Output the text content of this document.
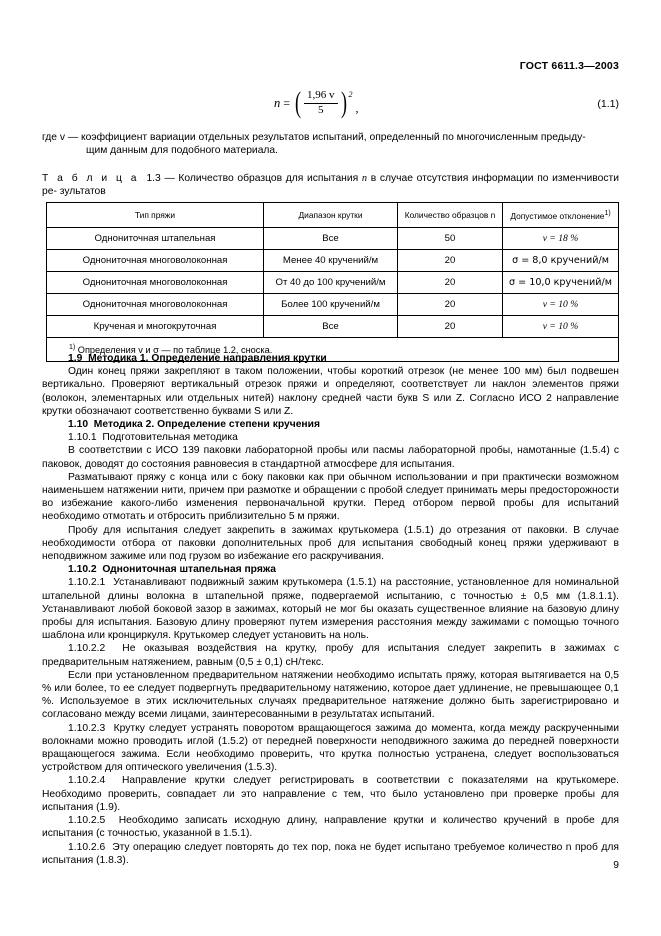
ГОСТ 6611.3—2003
n = ( $\frac{1,96 v}{5}$ ) 2
,	(1.1)
где v — коэффициент вариации отдельных результатов испытаний, определенный по многочисленным предыду-
щим данным для подобного материала.
Т а б л и ц а 1.3 — Количество образцов для испытания n в случае отсутствия информации по изменчивости ре- зультатов
Тип пряжи	Диапазон крутки	Количество образцов n	Допустимое отклонение$^{1)}$
Однониточная штапельная	Все	50	v = 18 %
Однониточная многоволоконная	Менее 40 кручений/м	20	σ = 8,0 кручений/м
Однониточная многоволоконная	От 40 до 100 кручений/м	20	σ = 10,0 кручений/м
Однониточная многоволоконная	Более 100 кручений/м	20	v = 10 %
Крученая и многокруточная	Все	20	v = 10 %
$^{1)}$ Определения v и σ — по таблице 1.2, сноска.			
1.9 Методика 1. Определение направления крутки

Один конец пряжи закрепляют в таком положении, чтобы короткий отрезок (не менее 100 мм) был подвешен вертикально. Проверяют вертикальный отрезок пряжи и определяют, соответствует ли наклон элементов пряжи (волокон, элементарных или отдельных нитей) наклону средней части букв S или Z. Согласно ИСО 2 направление крутки обозначают соответственно буквами S или Z.

1.10 Методика 2. Определение степени кручения
1.10.1 Подготовительная методика

В соответствии с ИСО 139 паковки лабораторной пробы или пасмы лабораторной пробы, намотанные (1.5.4) с паковок, доводят до состояния равновесия в стандартной атмосфере для испытания.

Разматывают пряжу с конца или с боку паковки как при обычном использовании и при практически возможном наименьшем натяжении нити, причем при размотке и обращении с пробой следует принимать меры предосторожности во избежание какого-либо изменения первоначальной крутки. Перед отбором первой пробы для испытаний необходимо отмотать и отбросить приблизительно 5 м пряжи.

Пробу для испытания следует закрепить в зажимах крутькомера (1.5.1) до отрезания от паковки. В случае необходимости отбора от паковки дополнительных проб для испытания свободный конец пряжи удерживают в неподвижном зажиме или под грузом во избежание его раскручивания.

1.10.2 Однониточная штапельная пряжа

1.10.2.1 Устанавливают подвижный зажим крутькомера (1.5.1) на расстояние, установленное для номинальной штапельной длины волокна в штапельной пряже, подвергаемой испытанию, с точностью ± 0,5 мм (1.8.1.1). Устанавливают любой боковой зазор в зажимах, который не мог бы оказать существенное влияние на базовую длину пробы для испытания. Базовую длину проверяют путем измерения расстояния между зажимами с помощью точного шаблона или кронциркуля. Крутькомер следует установить на ноль.

1.10.2.2 Не оказывая воздействия на крутку, пробу для испытания следует закрепить в зажимах с предварительным натяжением, равным (0,5 ± 0,1) сН/текс.

Если при установленном предварительном натяжении необходимо испытать пряжу, которая вытягивается на 0,5 % или более, то ее следует подвергнуть предварительному натяжению, которое дает удлинение, не превышающее 0,1 %. Используемое в этих исключительных случаях предварительное натяжение должно быть зарегистрировано и согласовано между всеми лицами, заинтересованными в результатах испытаний.

1.10.2.3 Крутку следует устранять поворотом вращающегося зажима до момента, когда между раскрученными волокнами можно проводить иглой (1.5.2) от передней поверхности неподвижного зажима до передней поверхности вращающегося зажима. Если необходимо проверить, что крутка полностью устранена, следует воспользоваться устройством для оптического увеличения (1.5.3).

1.10.2.4 Направление крутки следует регистрировать в соответствии с показателями на крутькомере. Необходимо проверить, совпадает ли это направление с тем, что было установлено при проверке пробы для испытания (1.9).

1.10.2.5 Необходимо записать исходную длину, направление крутки и количество кручений в пробе для испытания (с точностью, указанной в 1.5.1).

1.10.2.6 Эту операцию следует повторять до тех пор, пока не будет испытано требуемое количество n проб для испытания (1.8.3).	9
